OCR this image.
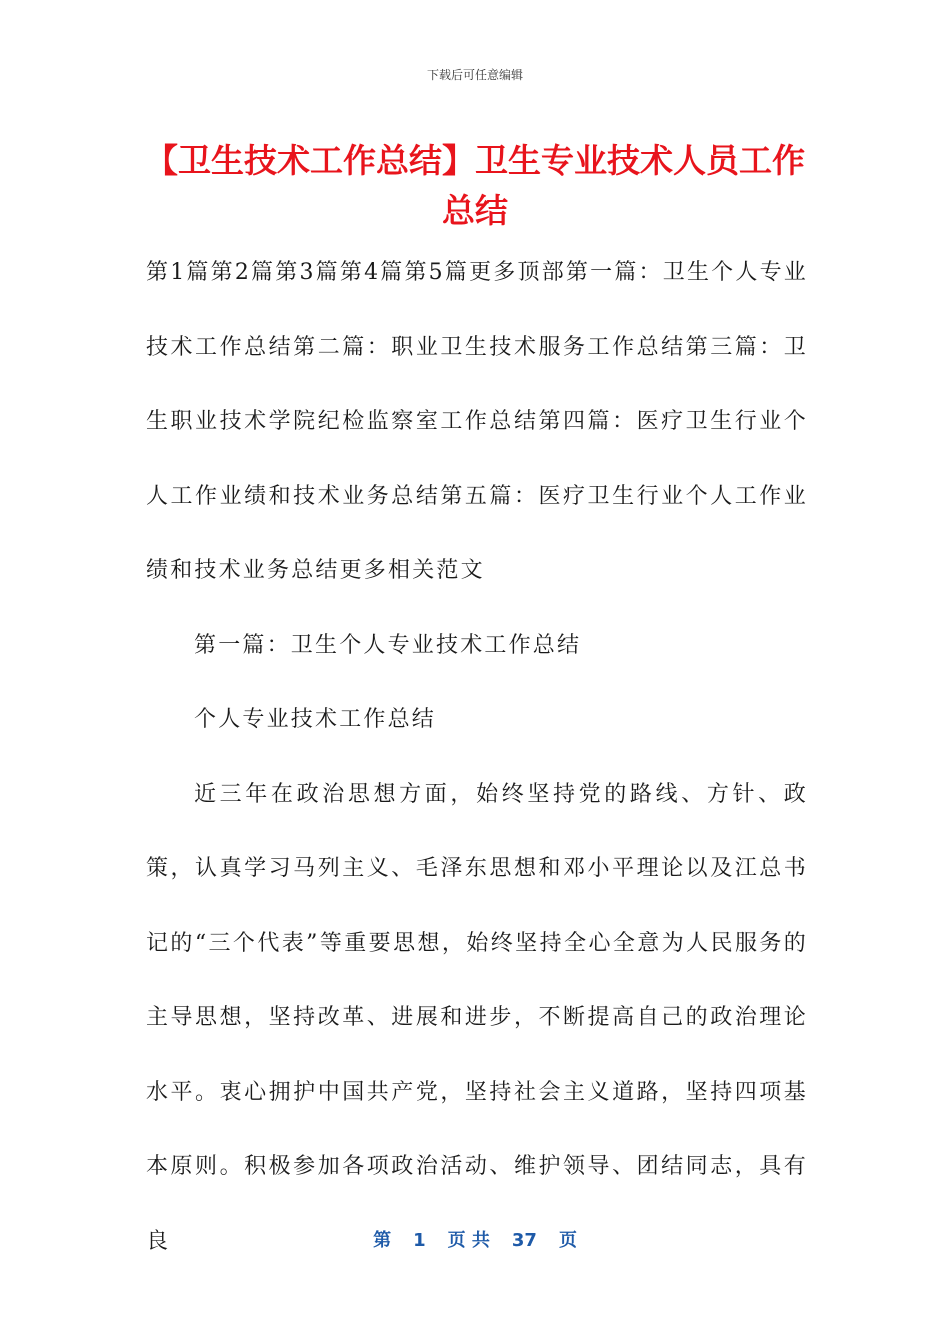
下载后可任意编辑
【卫生技术工作总结】卫生专业技术人员工作总结

第1篇第2篇第3篇第4篇第5篇更多顶部第一篇：卫生个人专业技术工作总结第二篇：职业卫生技术服务工作总结第三篇：卫生职业技术学院纪检监察室工作总结第四篇：医疗卫生行业个人工作业绩和技术业务总结第五篇：医疗卫生行业个人工作业绩和技术业务总结更多相关范文

第一篇：卫生个人专业技术工作总结

个人专业技术工作总结

近三年在政治思想方面，始终坚持党的路线、方针、政策，认真学习马列主义、毛泽东思想和邓小平理论以及江总书记的“三个代表”等重要思想，始终坚持全心全意为人民服务的主导思想，坚持改革、进展和进步，不断提高自己的政治理论水平。衷心拥护中国共产党，坚持社会主义道路，坚持四项基本原则。积极参加各项政治活动、维护领导、团结同志，具有良	第 1 页 共 37 页
